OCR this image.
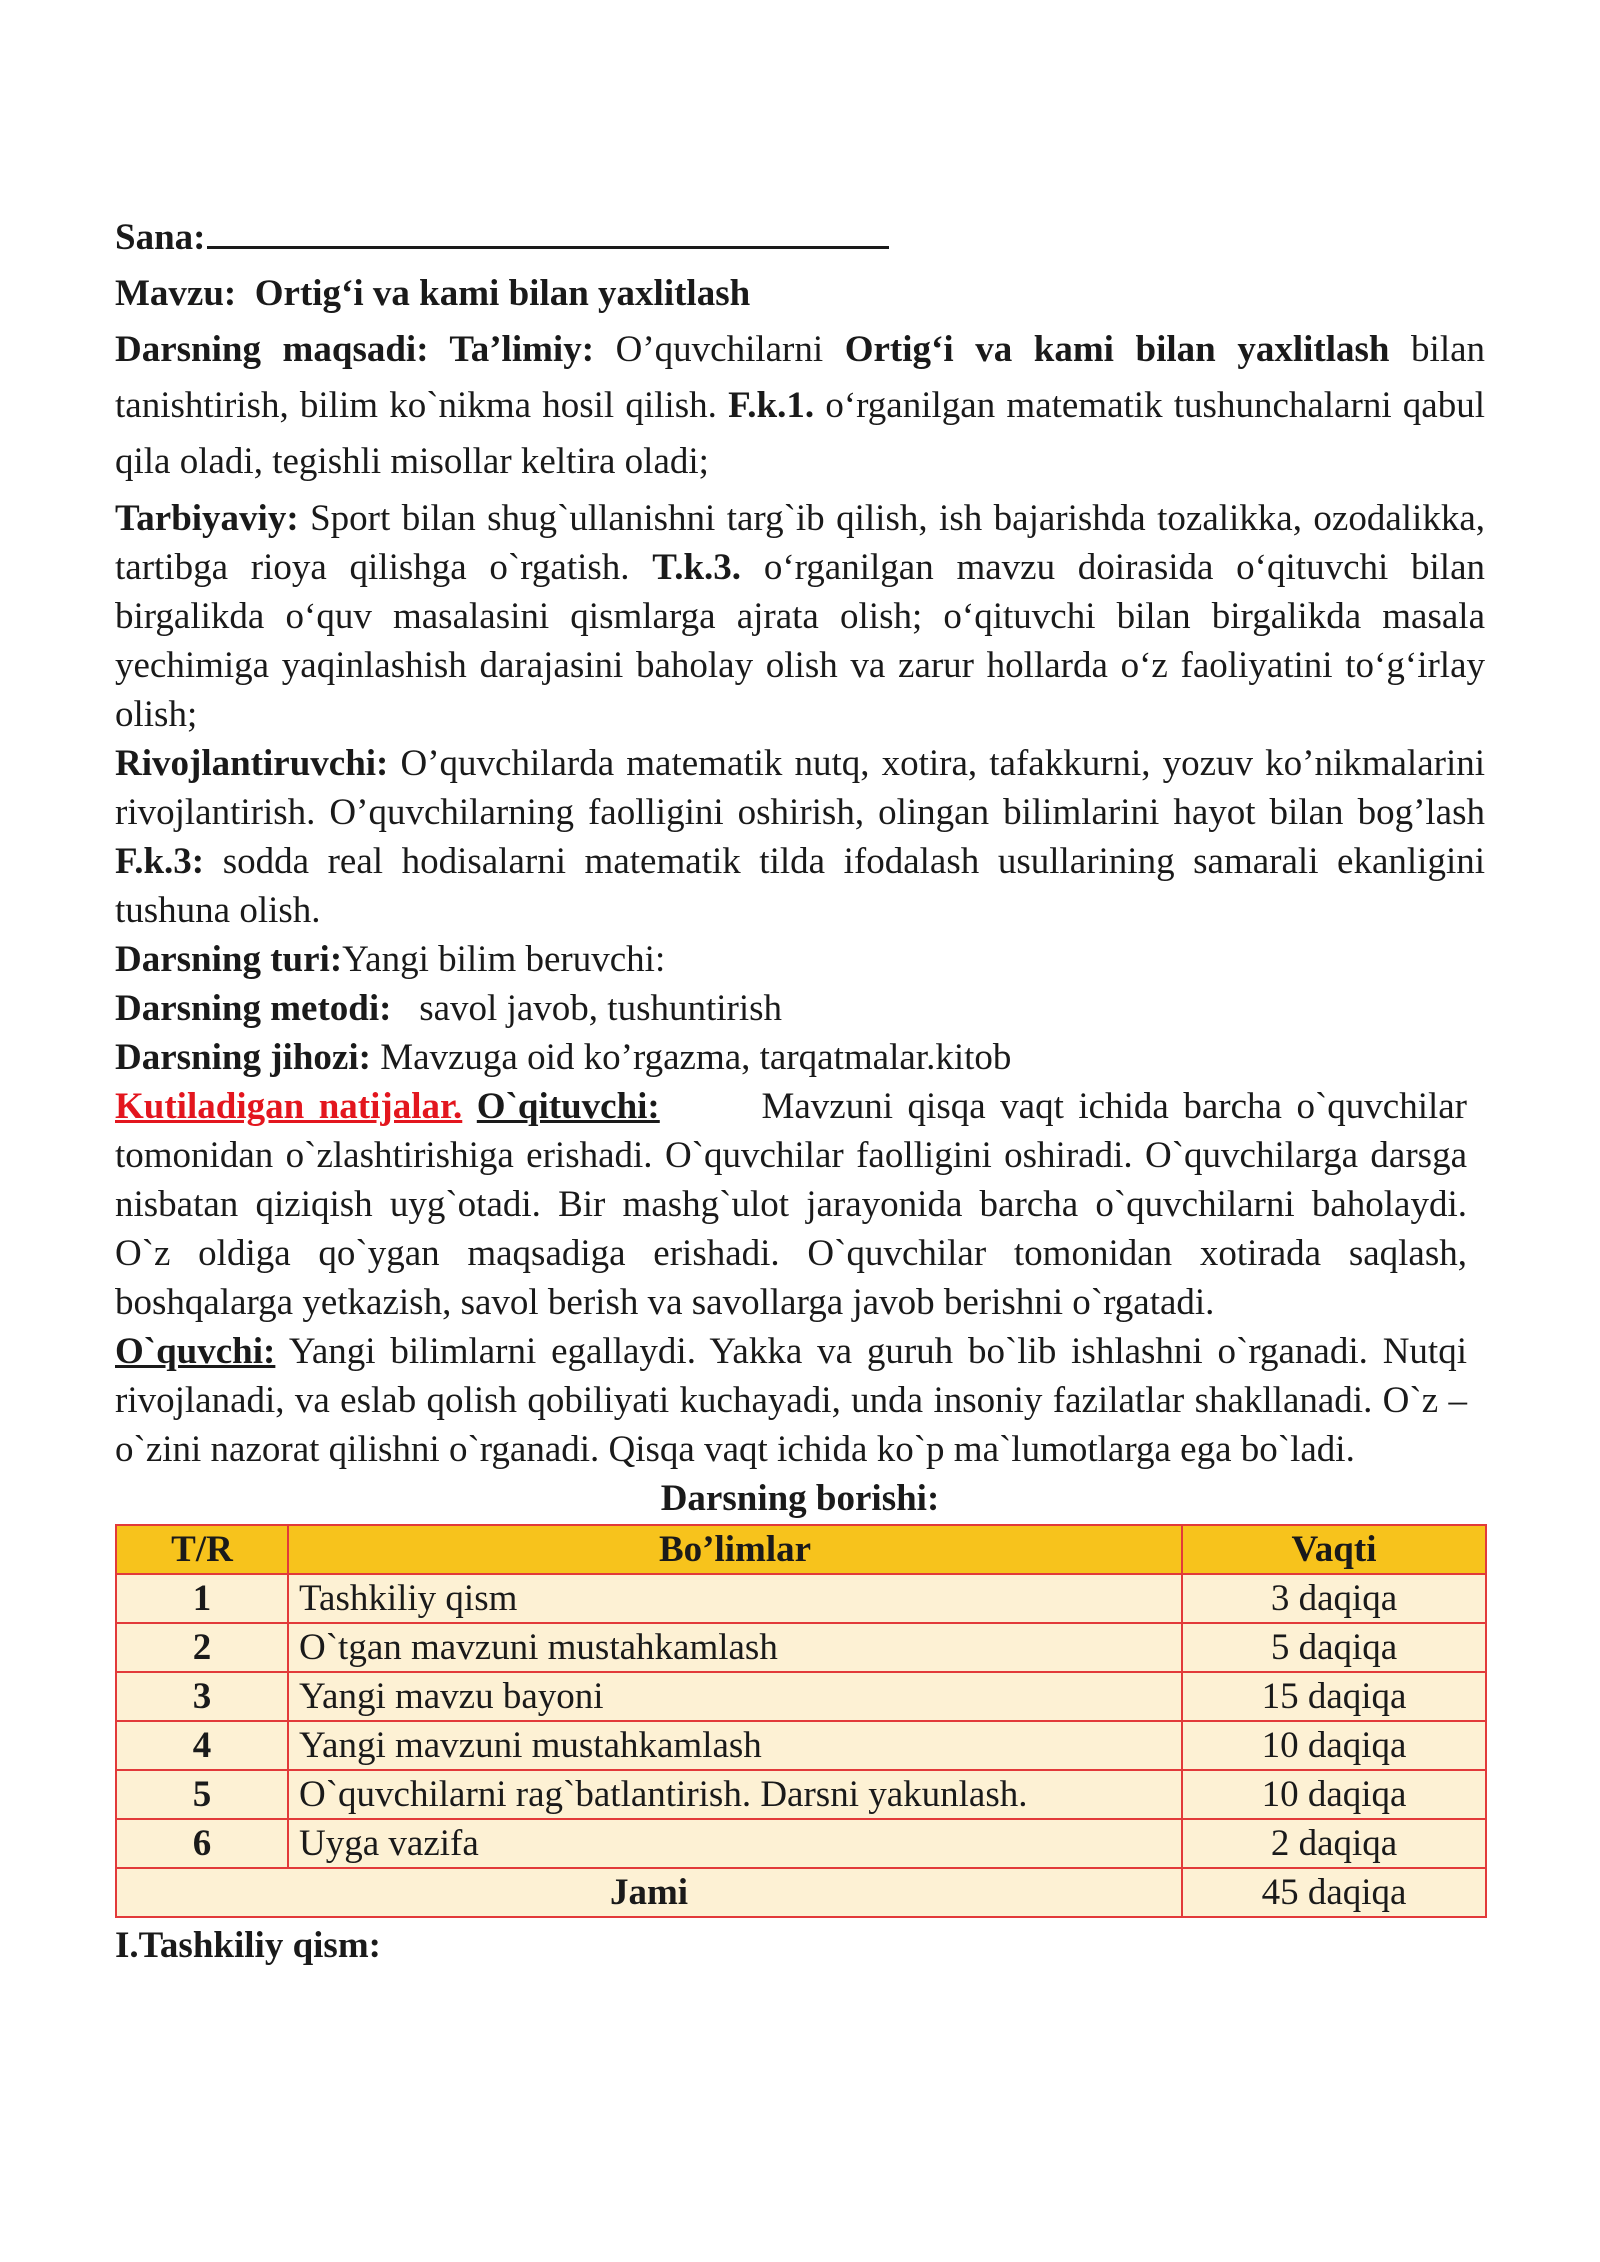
Sana:

Mavzu: Ortig‘i va kami bilan yaxlitlash

Darsning maqsadi: Ta’limiy: O’quvchilarni Ortig‘i va kami bilan yaxlitlash bilan tanishtirish, bilim ko`nikma hosil qilish. F.k.1. o‘rganilgan matematik tushunchalarni qabul qila oladi, tegishli misollar keltira oladi;

Tarbiyaviy: Sport bilan shug`ullanishni targ`ib qilish, ish bajarishda tozalikka, ozodalikka, tartibga rioya qilishga o`rgatish. T.k.3. o‘rganilgan mavzu doirasida o‘qituvchi bilan birgalikda o‘quv masalasini qismlarga ajrata olish; o‘qituvchi bilan birgalikda masala yechimiga yaqinlashish darajasini baholay olish va zarur hollarda o‘z faoliyatini to‘g‘irlay olish;

Rivojlantiruvchi: O’quvchilarda matematik nutq, xotira, tafakkurni, yozuv ko’nikmalarini rivojlantirish. O’quvchilarning faolligini oshirish, olingan bilimlarini hayot bilan bog’lash F.k.3: sodda real hodisalarni matematik tilda ifodalash usullarining samarali ekanligini tushuna olish.

Darsning turi:Yangi bilim beruvchi:

Darsning metodi: savol javob, tushuntirish

Darsning jihozi: Mavzuga oid ko’rgazma, tarqatmalar.kitob

Kutiladigan natijalar. O`qituvchi:	Mavzuni qisqa vaqt ichida barcha o`quvchilar tomonidan o`zlashtirishiga erishadi. O`quvchilar faolligini oshiradi. O`quvchilarga darsga nisbatan qiziqish uyg`otadi. Bir mashg`ulot jarayonida barcha o`quvchilarni baholaydi. O`z oldiga qo`ygan maqsadiga erishadi. O`quvchilar tomonidan xotirada saqlash, boshqalarga yetkazish, savol berish va savollarga javob berishni o`rgatadi.

O`quvchi: Yangi bilimlarni egallaydi. Yakka va guruh bo`lib ishlashni o`rganadi. Nutqi rivojlanadi, va eslab qolish qobiliyati kuchayadi, unda insoniy fazilatlar shakllanadi. O`z – o`zini nazorat qilishni o`rganadi. Qisqa vaqt ichida ko`p ma`lumotlarga ega bo`ladi.

Darsning borishi:

T/R	Bo’limlar	Vaqti
1	Tashkiliy qism	3 daqiqa
2	O`tgan mavzuni mustahkamlash	5 daqiqa
3	Yangi mavzu bayoni	15 daqiqa
4	Yangi mavzuni mustahkamlash	10 daqiqa
5	O`quvchilarni rag`batlantirish. Darsni yakunlash.	10 daqiqa
6	Uyga vazifa	2 daqiqa
Jami		45 daqiqa

I.Tashkiliy qism:
